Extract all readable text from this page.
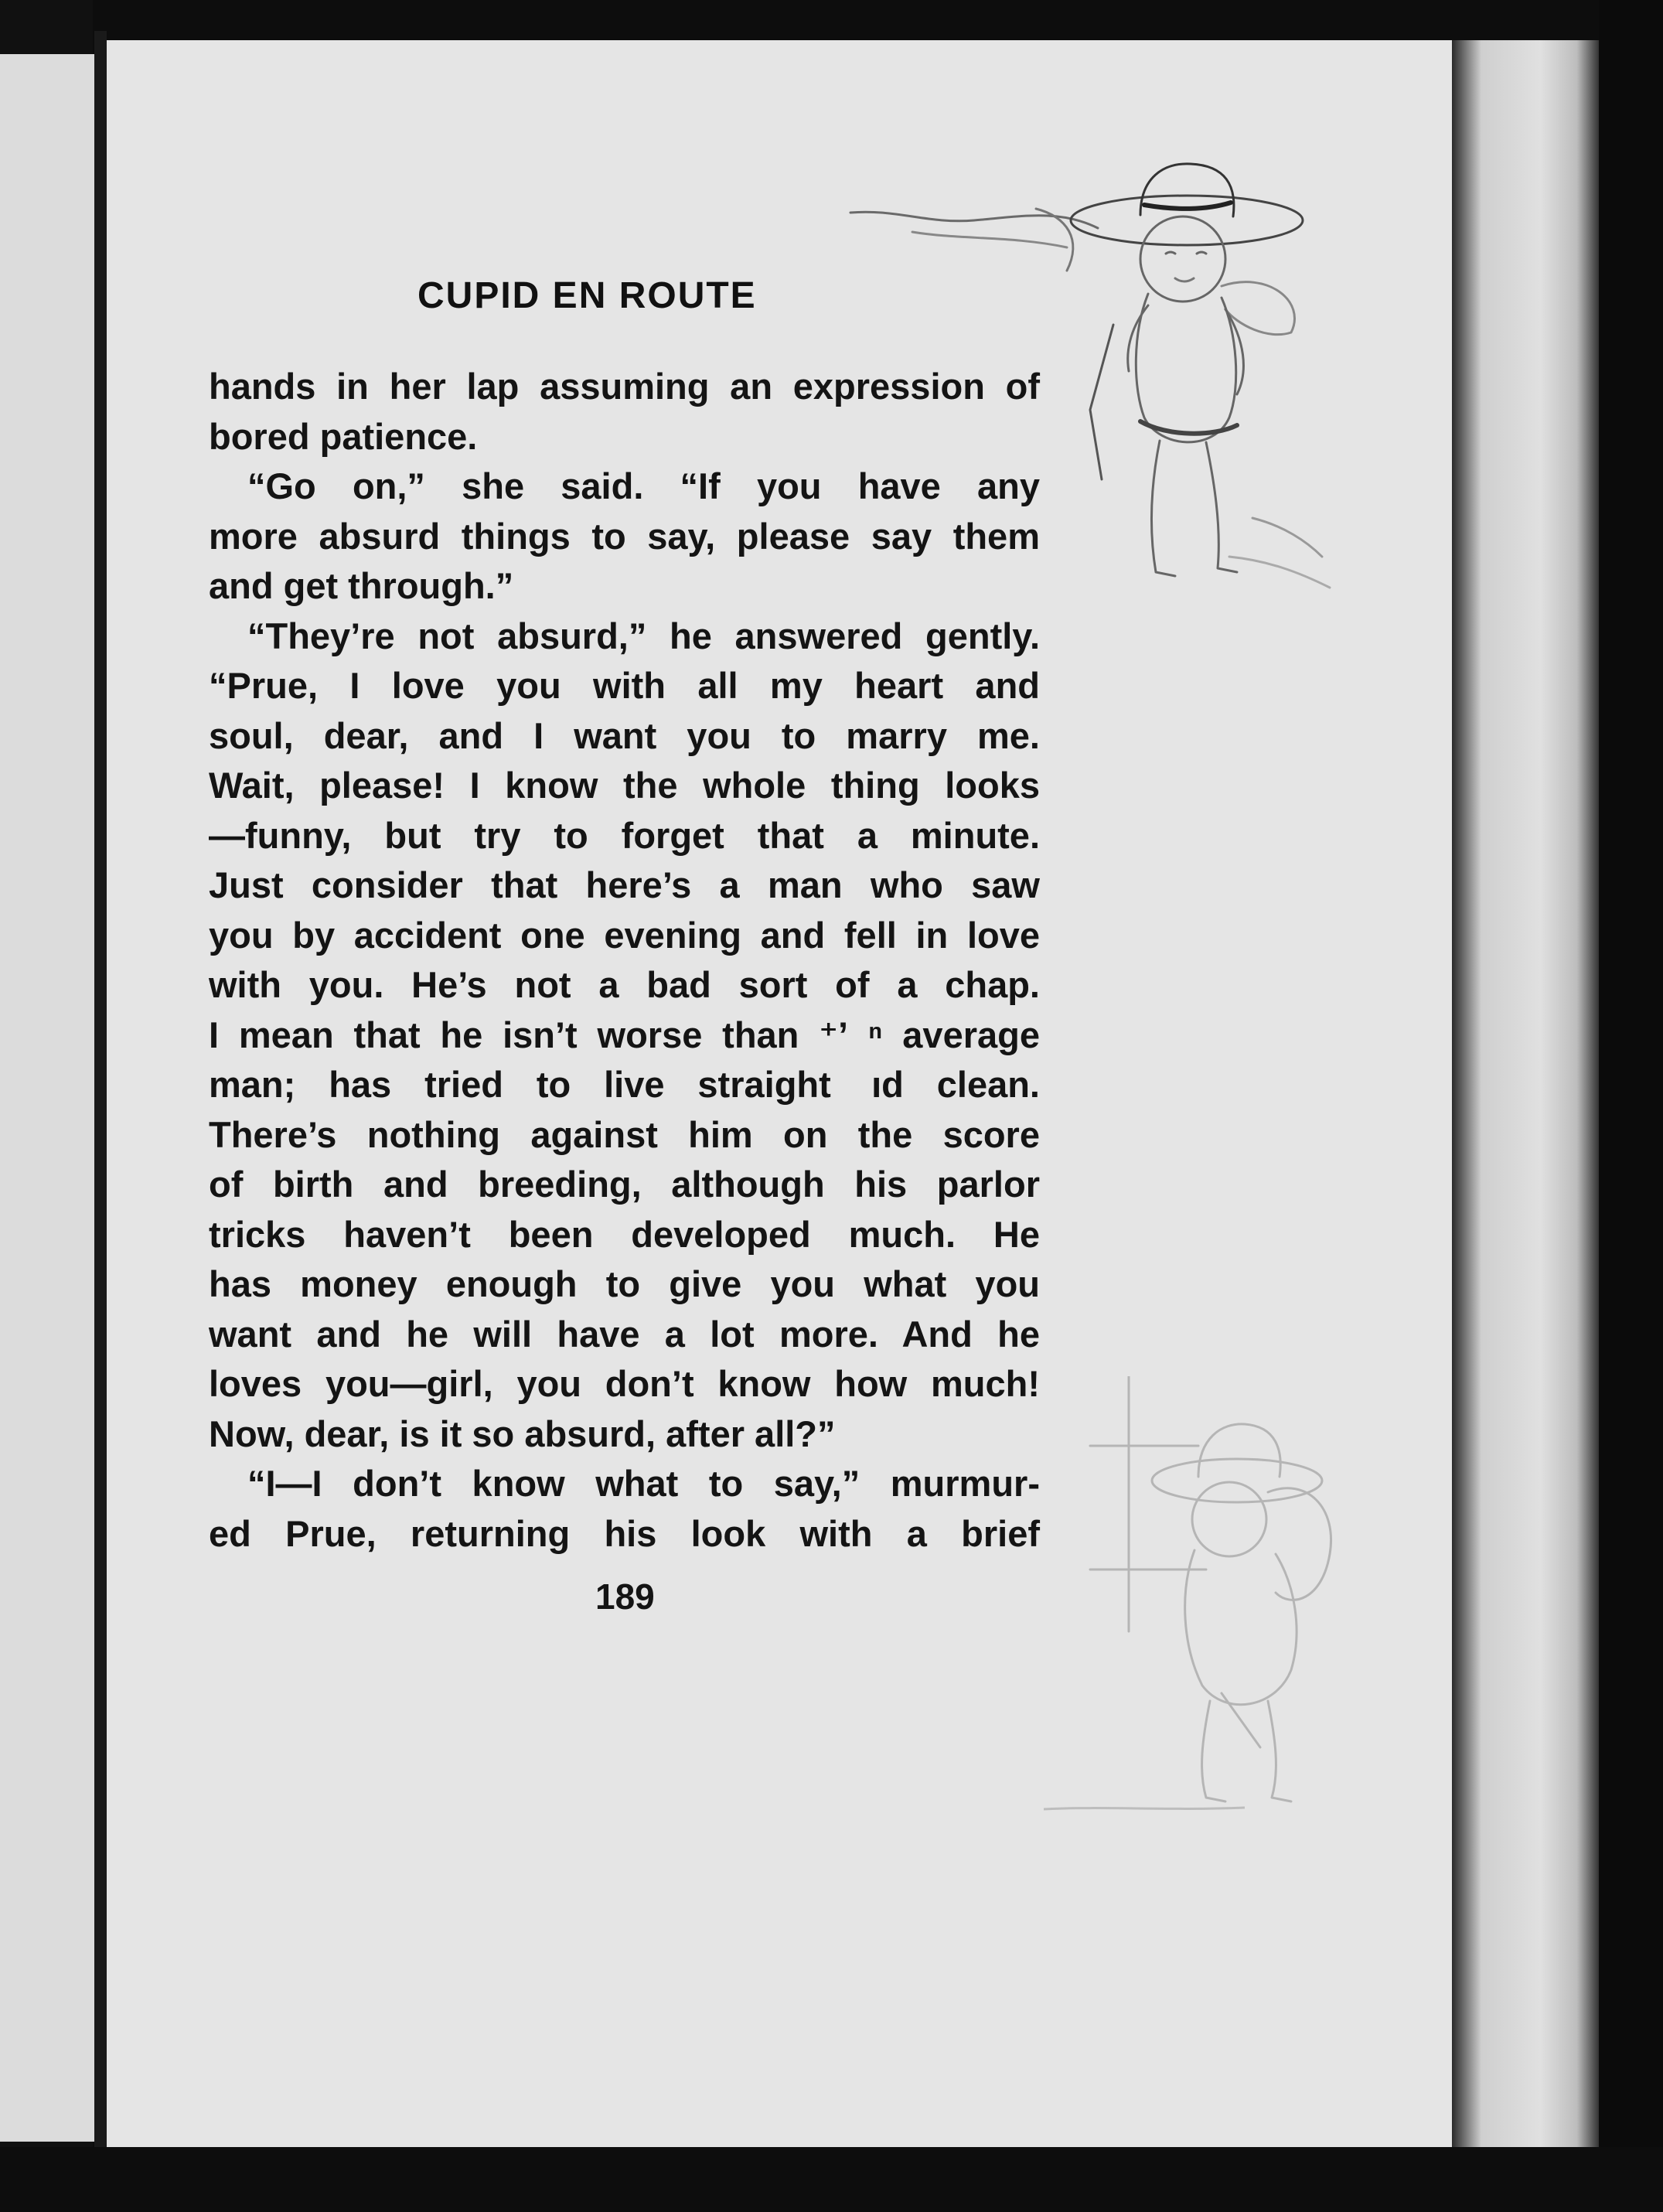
CUPID EN ROUTE
hands in her lap assuming an expression of
bored patience.
“Go on,” she said. “If you have any
more absurd things to say, please say them
and get through.”
“They’re not absurd,” he answered gently.
“Prue, I love you with all my heart and
soul, dear, and I want you to marry me.
Wait, please! I know the whole thing looks
—funny, but try to forget that a minute.
Just consider that here’s a man who saw
you by accident one evening and fell in love
with you. He’s not a bad sort of a chap.
I mean that he isn’t worse than ⁺ʼ ⁿ average
man; has tried to live straight  ıd clean.
There’s nothing against him on the score
of birth and breeding, although his parlor
tricks haven’t been developed much. He
has money enough to give you what you
want and he will have a lot more. And he
loves you—girl, you don’t know how much!
Now, dear, is it so absurd, after all?”
“I—I don’t know what to say,” murmur-
ed Prue, returning his look with a brief
189
